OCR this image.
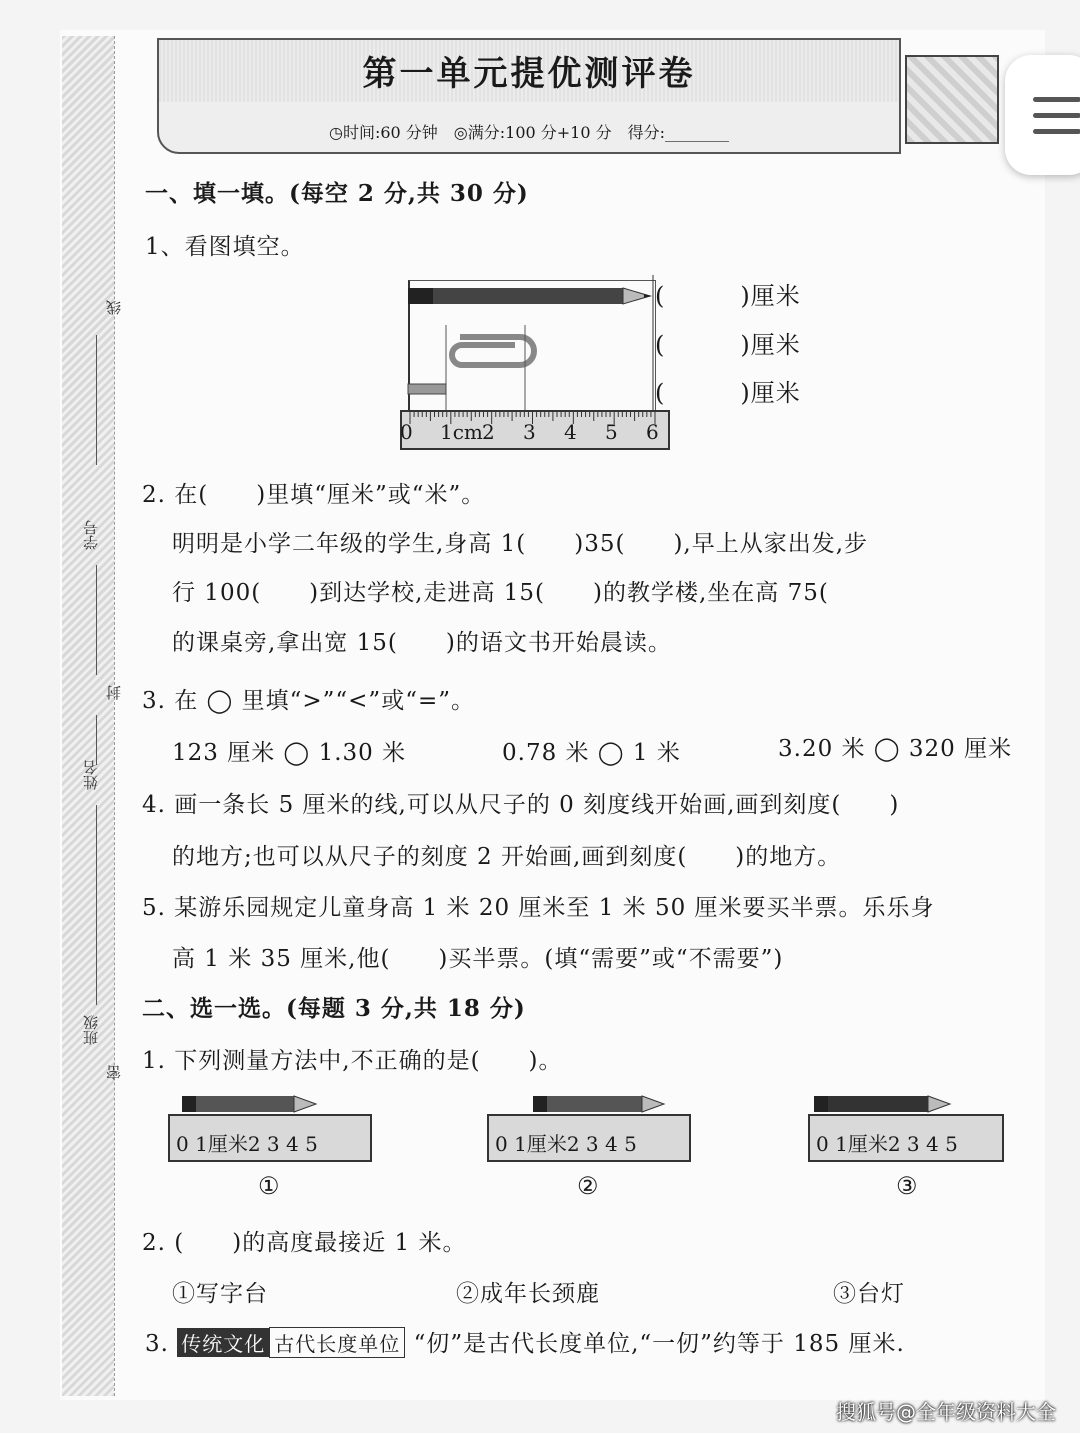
线
学号
封
姓名
班级
密
第一单元提优测评卷
◷时间:60 分钟　◎满分:100 分+10 分　得分:________
一、填一填。(每空 2 分,共 30 分)
1、看图填空。
0 1cm 2 3 4 5 6
(　　　)厘米
(　　　)厘米
(　　　)厘米
2. 在(　　)里填“厘米”或“米”。
明明是小学二年级的学生,身高 1(　　)35(　　),早上从家出发,步
行 100(　　)到达学校,走进高 15(　　)的教学楼,坐在高 75(
的课桌旁,拿出宽 15(　　)的语文书开始晨读。
3. 在 ◯ 里填“>”“<”或“=”。
123 厘米 ◯ 1.30 米	0.78 米 ◯ 1 米	3.20 米 ◯ 320 厘米
4. 画一条长 5 厘米的线,可以从尺子的 0 刻度线开始画,画到刻度(　　)
的地方;也可以从尺子的刻度 2 开始画,画到刻度(　　)的地方。
5. 某游乐园规定儿童身高 1 米 20 厘米至 1 米 50 厘米要买半票。乐乐身
高 1 米 35 厘米,他(　　)买半票。(填“需要”或“不需要”)
二、选一选。(每题 3 分,共 18 分)
1. 下列测量方法中,不正确的是(　　)。
0 1厘米2 3 4 5
①
0 1厘米2 3 4 5
②
0 1厘米2 3 4 5
③
2. (　　)的高度最接近 1 米。
①写字台	②成年长颈鹿	③台灯
3. 传统文化 古代长度单位 “仞”是古代长度单位,“一仞”约等于 185 厘米.
搜狐号@全年级资料大全
